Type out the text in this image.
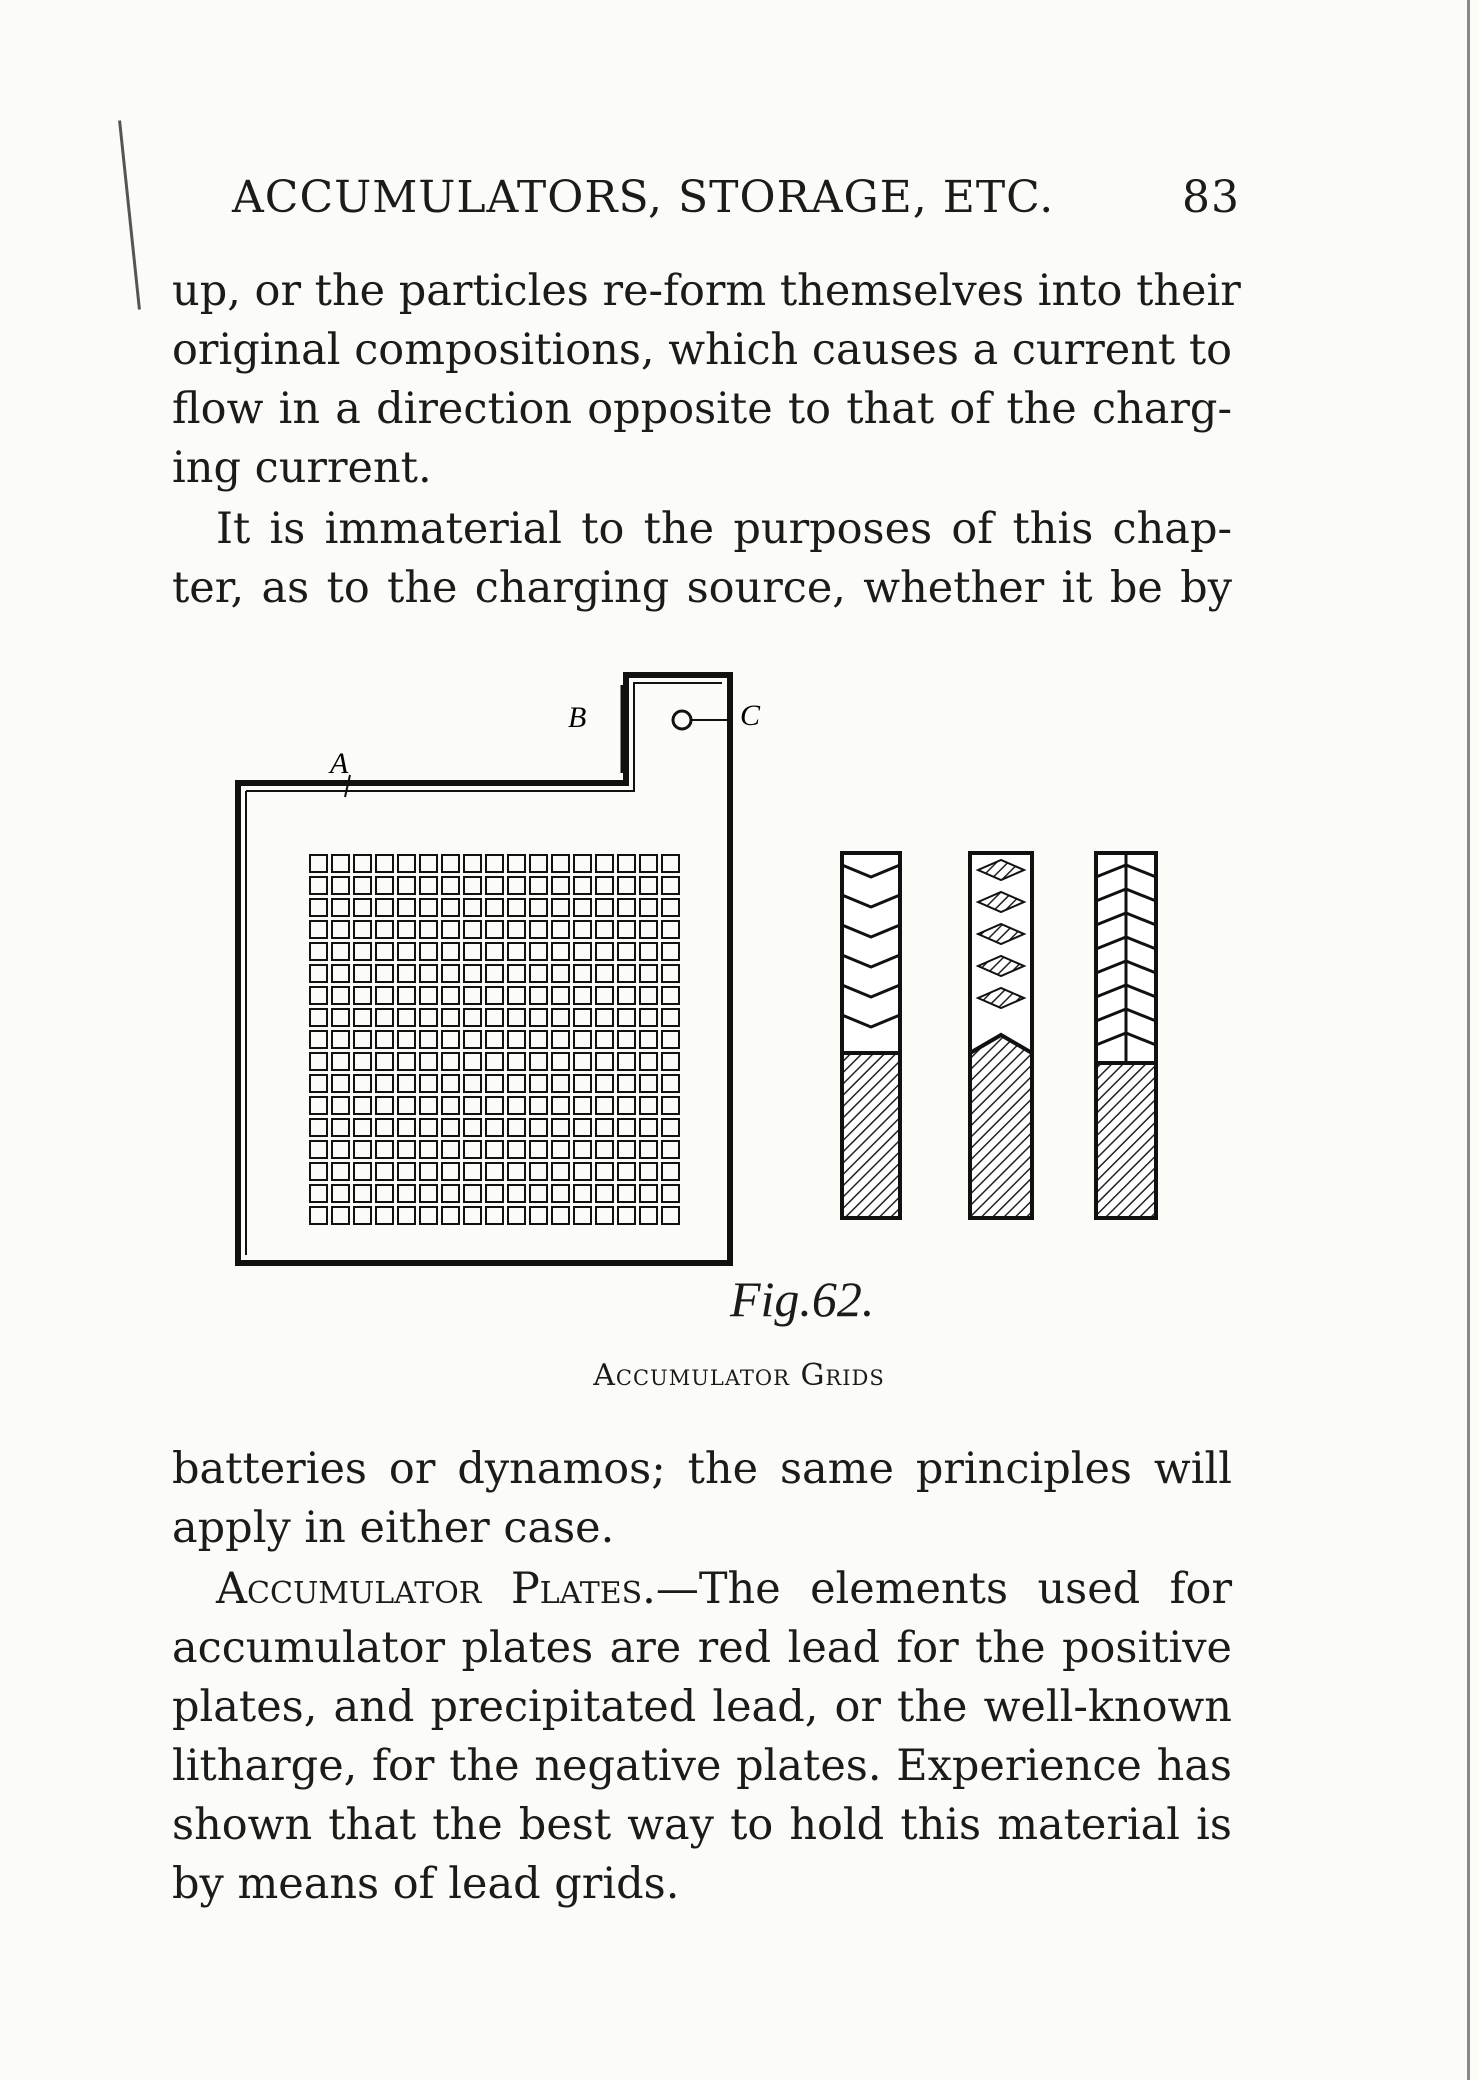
ACCUMULATORS, STORAGE, ETC.	83
up, or the particles re-form themselves into their
original compositions, which causes a current to
flow in a direction opposite to that of the charg-
ing current.
It is immaterial to the purposes of this chap-
ter, as to the charging source, whether it be by
B	C
A
Fig.62.
Accumulator Grids
batteries or dynamos; the same principles will
apply in either case.
Accumulator Plates.—The elements used for
accumulator plates are red lead for the positive
plates, and precipitated lead, or the well-known
litharge, for the negative plates. Experience has
shown that the best way to hold this material is
by means of lead grids.
